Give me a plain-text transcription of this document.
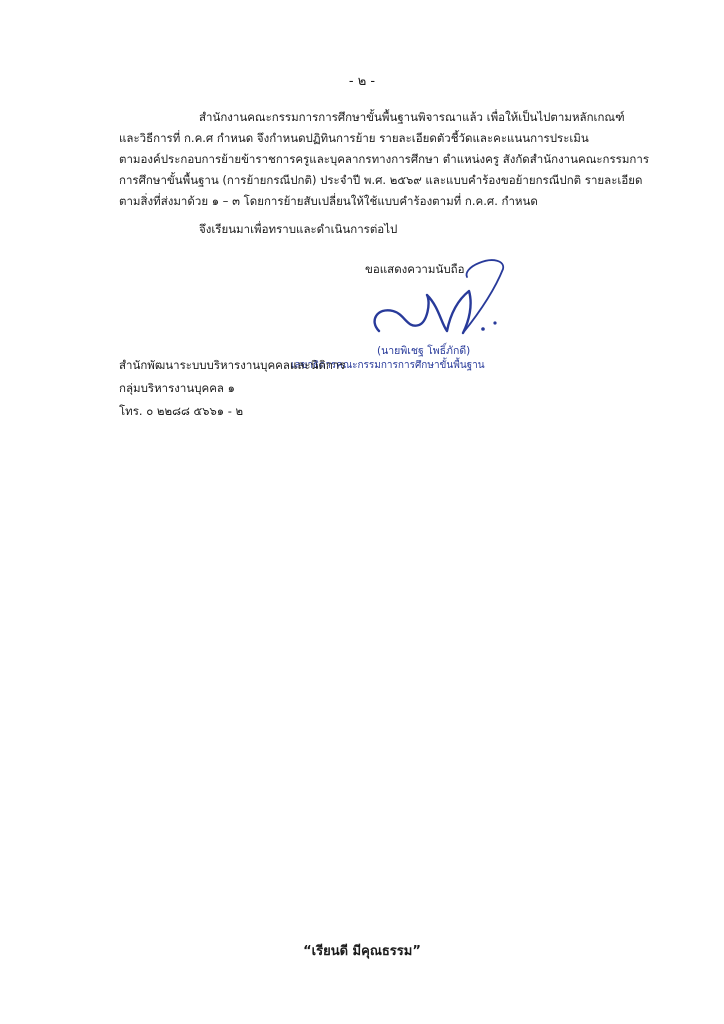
- ๒ -
สำนักงานคณะกรรมการการศึกษาขั้นพื้นฐานพิจารณาแล้ว เพื่อให้เป็นไปตามหลักเกณฑ์
และวิธีการที่ ก.ค.ศ กำหนด จึงกำหนดปฏิทินการย้าย รายละเอียดตัวชี้วัดและคะแนนการประเมิน
ตามองค์ประกอบการย้ายข้าราชการครูและบุคลากรทางการศึกษา ตำแหน่งครู สังกัดสำนักงานคณะกรรมการ
การศึกษาขั้นพื้นฐาน (การย้ายกรณีปกติ) ประจำปี พ.ศ. ๒๕๖๙ และแบบคำร้องขอย้ายกรณีปกติ รายละเอียด
ตามสิ่งที่ส่งมาด้วย ๑ – ๓ โดยการย้ายสับเปลี่ยนให้ใช้แบบคำร้องตามที่ ก.ค.ศ. กำหนด
จึงเรียนมาเพื่อทราบและดำเนินการต่อไป
ขอแสดงความนับถือ
(นายพิเชฐ โพธิ์ภักดี)
เลขาธิการคณะกรรมการการศึกษาขั้นพื้นฐาน
สำนักพัฒนาระบบบริหารงานบุคคลและนิติการ
กลุ่มบริหารงานบุคคล ๑
โทร. ๐ ๒๒๘๘ ๕๖๖๑ - ๒
“เรียนดี มีคุณธรรม”
